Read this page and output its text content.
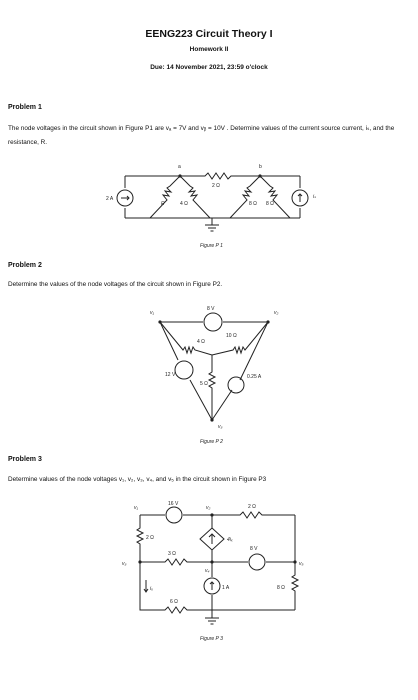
EENG223 Circuit Theory I
Homework II
Due: 14 November 2021, 23:59 o'clock
Problem 1
The node voltages in the circuit shown in Figure P1 are vₐ = 7V and vᵦ = 10V . Determine values of the current source current, iₛ, and the resistance, R.
a	b
2 Ω
2 A
R	4 Ω	8 Ω 8 Ω
iₛ
Figure P 1
Problem 2
Determine the values of the node voltages of the circuit shown in Figure P2.
8 V
v₁	v₂
v₃
4 Ω
10 Ω
12 V
5 Ω
0.25 A
Figure P 2
Problem 3
Determine values of the node voltages v₁, v₂, v₃, v₄, and v₅ in the circuit shown in Figure P3
16 V	2 Ω
v₁	v₂
v₃
v₄
v₅
2 Ω	4iₓ
8 V
3 Ω
1 A	8 Ω
iₓ
6 Ω
Figure P 3
